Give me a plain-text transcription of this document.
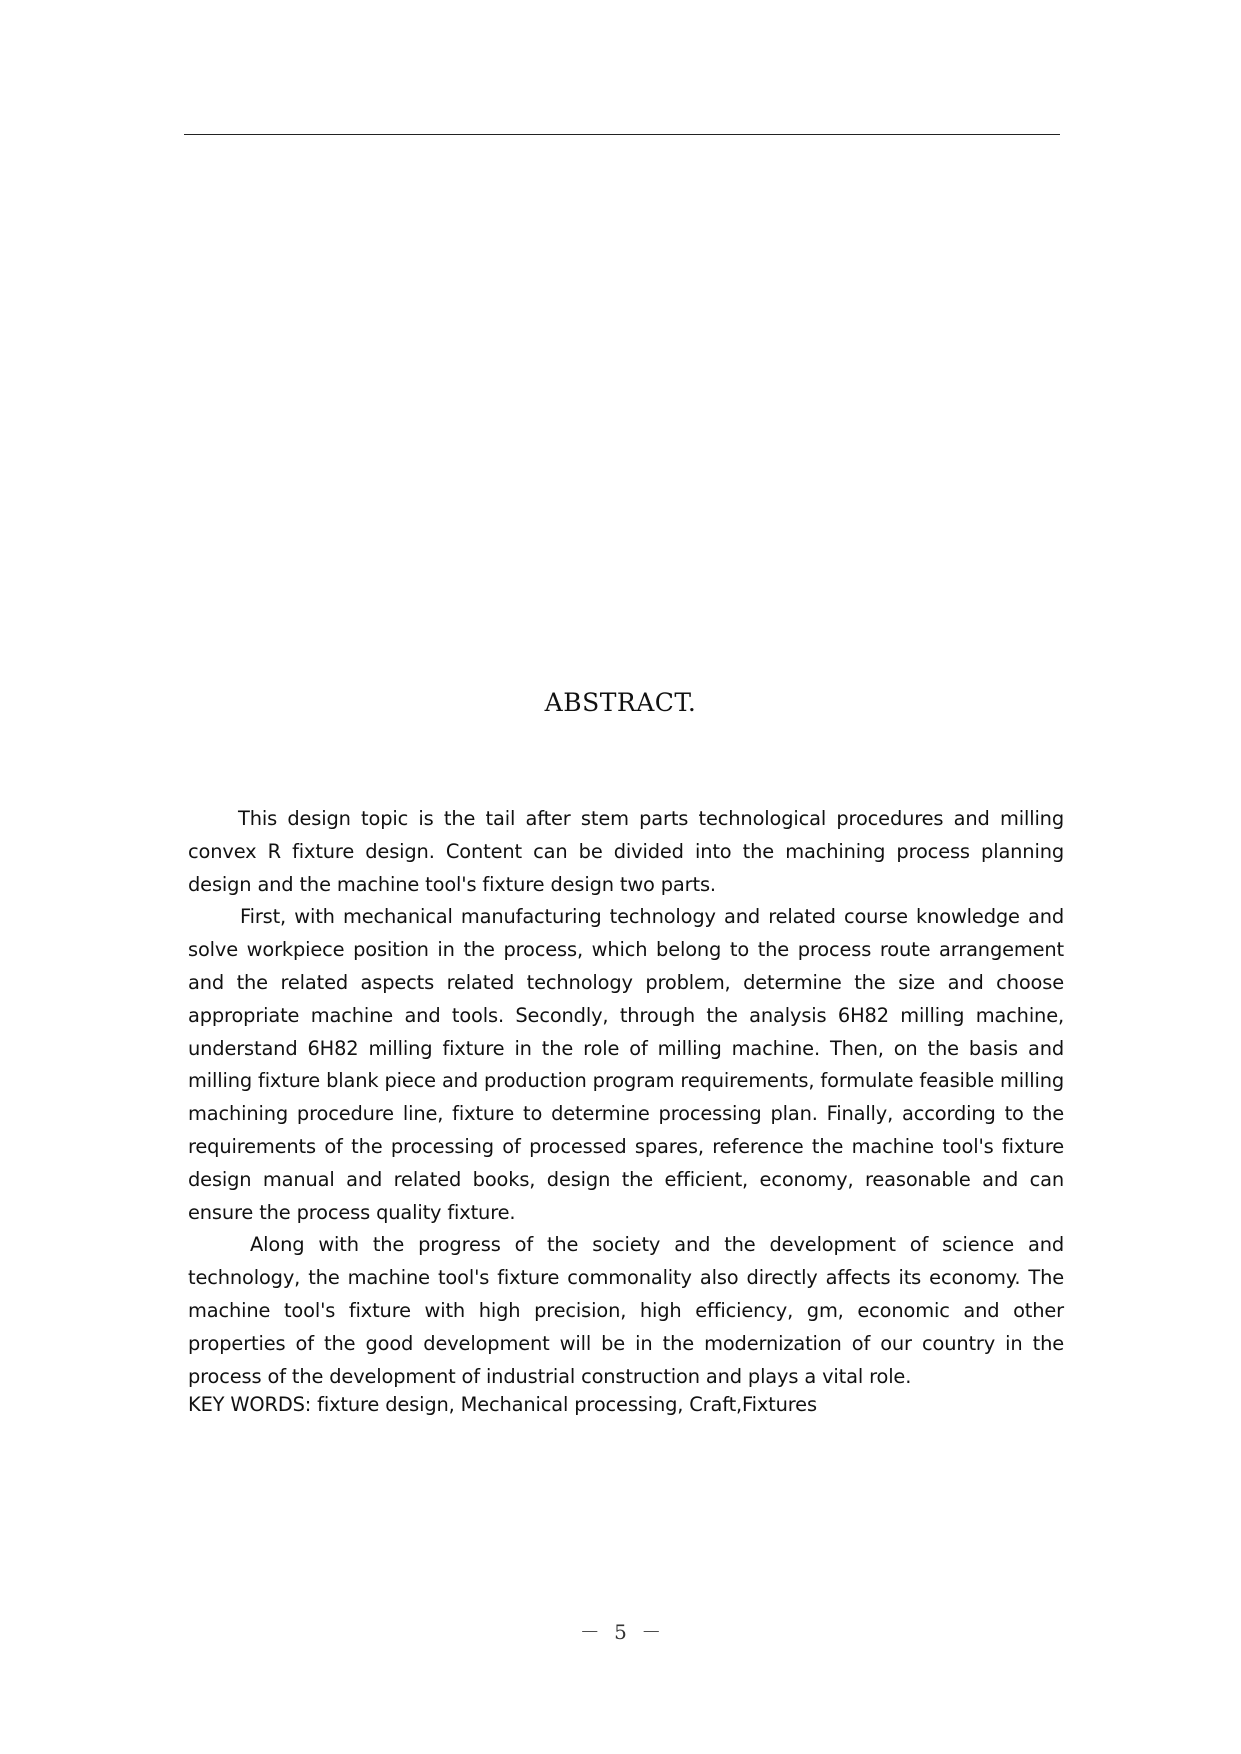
ABSTRACT.

This design topic is the tail after stem parts technological procedures and milling convex R fixture design. Content can be divided into the machining process planning design and the machine tool's fixture design two parts.

First, with mechanical manufacturing technology and related course knowledge and solve workpiece position in the process, which belong to the process route arrangement and the related aspects related technology problem, determine the size and choose appropriate machine and tools. Secondly, through the analysis 6H82 milling machine, understand 6H82 milling fixture in the role of milling machine. Then, on the basis and milling fixture blank piece and production program requirements, formulate feasible milling machining procedure line, fixture to determine processing plan. Finally, according to the requirements of the processing of processed spares, reference the machine tool's fixture design manual and related books, design the efficient, economy, reasonable and can ensure the process quality fixture.

Along with the progress of the society and the development of science and technology, the machine tool's fixture commonality also directly affects its economy. The machine tool's fixture with high precision, high efficiency, gm, economic and other properties of the good development will be in the modernization of our country in the process of the development of industrial construction and plays a vital role.

KEY WORDS: fixture design, Mechanical processing, Craft,Fixtures
－ 5 －
